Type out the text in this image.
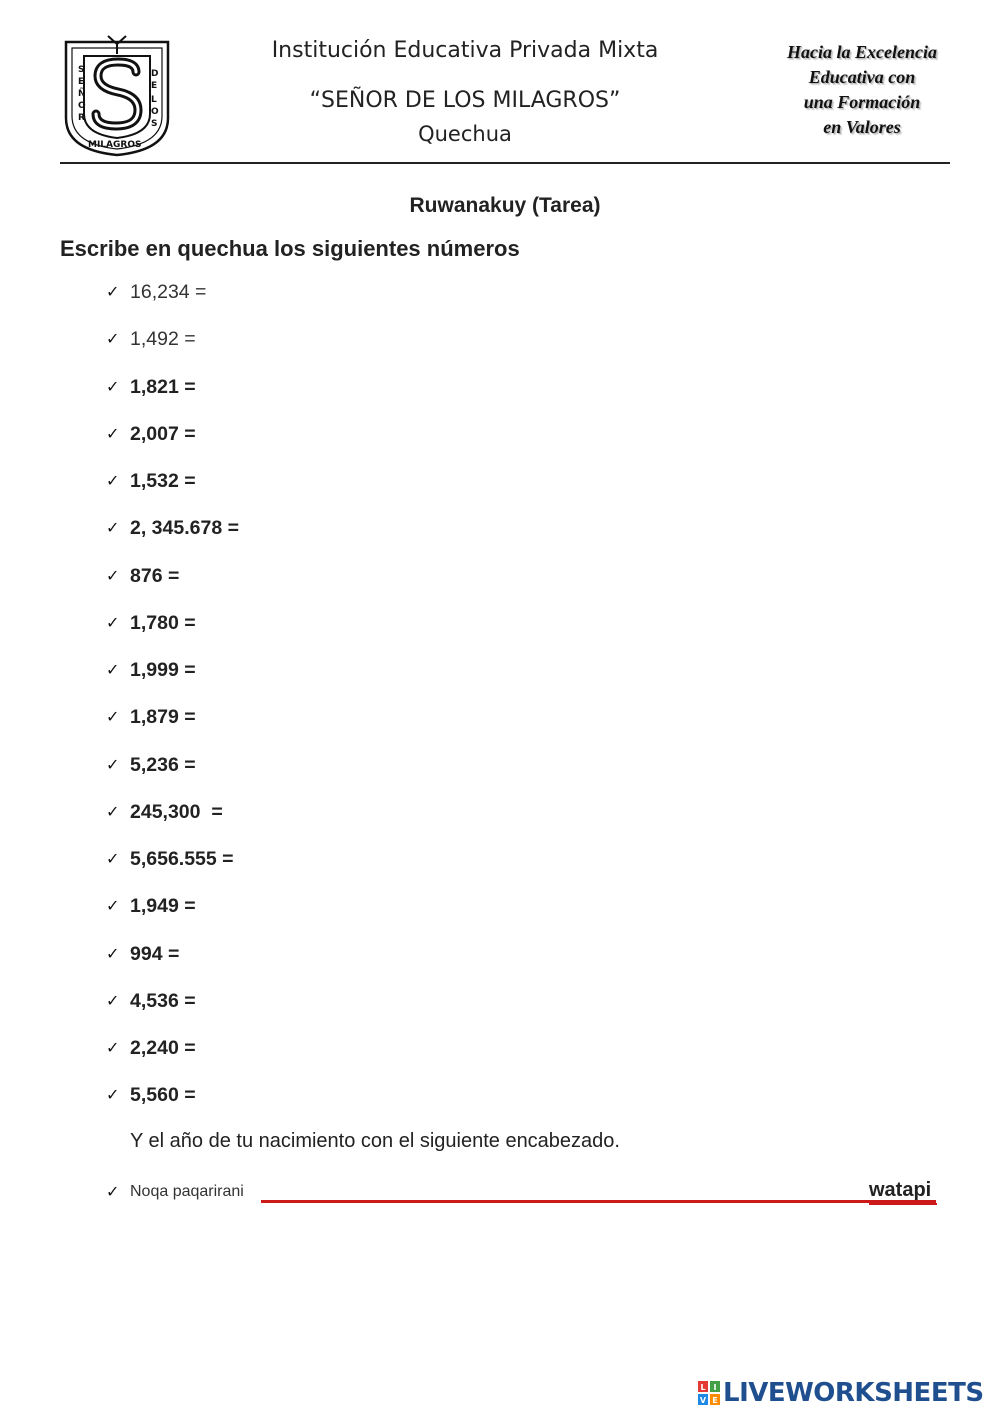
S
E
Ñ
O
R
D
E
L
O
S
MILAGROS
Institución Educativa Privada Mixta
“SEÑOR DE LOS MILAGROS”
Quechua
Hacia la Excelencia
Educativa con
una Formación
en Valores
Ruwanakuy (Tarea)
Escribe en quechua los siguientes números
✓ 16,234 =
✓ 1,492 =
✓ 1,821 =
✓ 2,007 =
✓ 1,532 =
✓ 2, 345.678 =
✓ 876 =
✓ 1,780 =
✓ 1,999 =
✓ 1,879 =
✓ 5,236 =
✓ 245,300  =
✓ 5,656.555 =
✓ 1,949 =
✓ 994 =
✓ 4,536 =
✓ 2,240 =
✓ 5,560 =
Y el año de tu nacimiento con el siguiente encabezado.
✓ Noqa paqarirani	watapi
L I
V E LIVEWORKSHEETS
